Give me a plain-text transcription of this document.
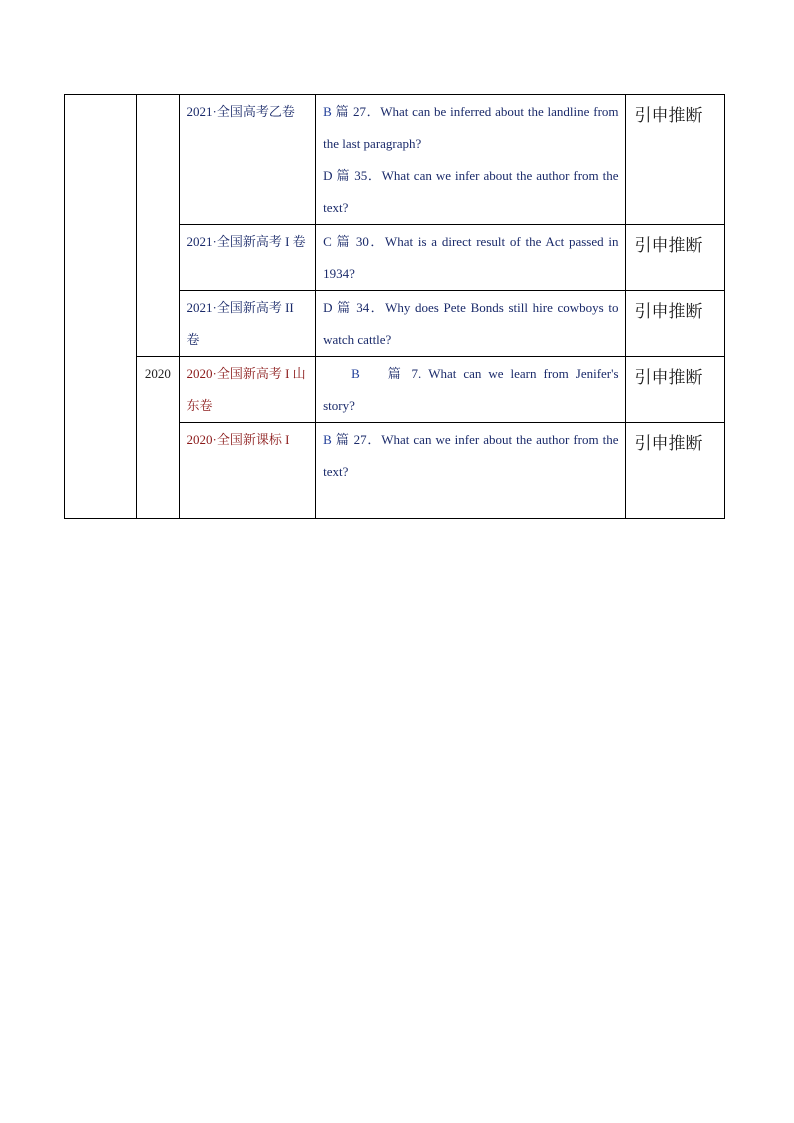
		2021·全国高考乙卷	B 篇 27．What can be inferred about the landline from the last paragraph?
D 篇 35．What can we infer about the author from the text?	引申推断
		2021·全国新高考 I 卷	C 篇 30．What is a direct result of the Act passed in 1934?	引申推断
		2021·全国新高考 II 卷	D 篇 34．Why does Pete Bonds still hire cowboys to watch cattle?	引申推断
	2020	2020·全国新高考 I 山东卷	B 篇 7. What can we learn from Jenifer's
story?	引申推断
		2020·全国新课标 I	B 篇 27．What can we infer about the author from the text?	引申推断
